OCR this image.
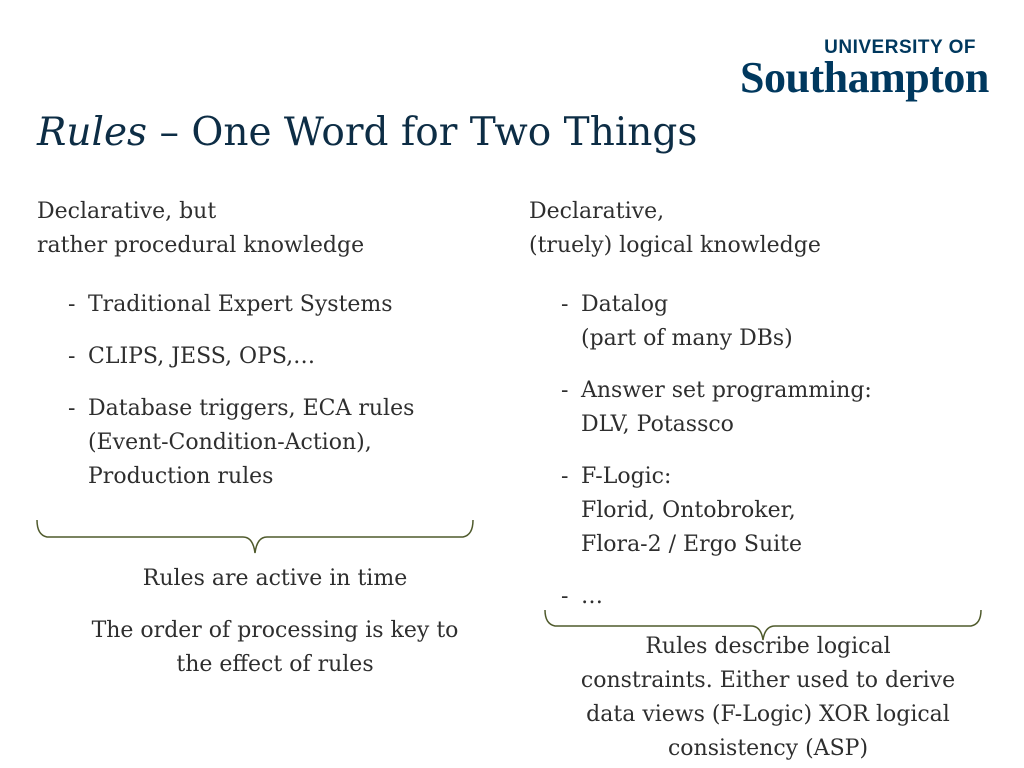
UNIVERSITY OF
Southampton
Rules – One Word for Two Things
Declarative, but
rather procedural knowledge
- Traditional Expert Systems
- CLIPS, JESS, OPS,…
- Database triggers, ECA rules
(Event-Condition-Action),
Production rules
Rules are active in time
The order of processing is key to
the effect of rules
Declarative,
(truely) logical knowledge
- Datalog
(part of many DBs)
- Answer set programming:
DLV, Potassco
- F-Logic:
Florid, Ontobroker,
Flora-2 / Ergo Suite
- …
Rules describe logical
constraints. Either used to derive
data views (F-Logic) XOR logical
consistency (ASP)
